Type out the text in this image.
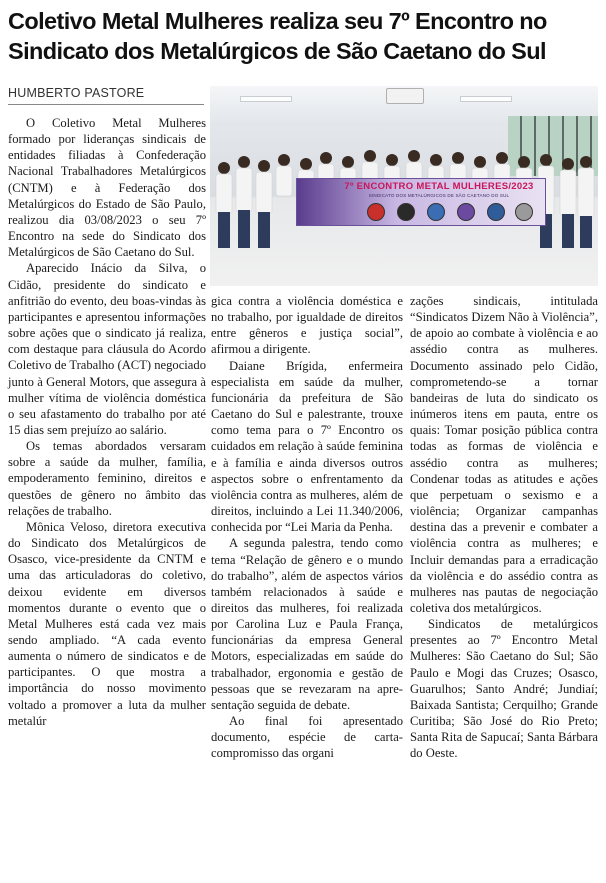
Coletivo Metal Mulheres realiza seu 7º Encontro no
Sindicato dos Metalúrgicos de São Caetano do Sul
HUMBERTO PASTORE
7º ENCONTRO METAL MULHERES/2023
SINDICATO DOS METALÚRGICOS DE SÃO CAETANO DO SUL

O Coletivo Metal Mulheres formado por lideranças sindicais de entidades filiadas à Confederação Nacional Trabalhadores Metalúrgicos (CNTM) e à Federação dos Metalúrgicos do Estado de São Paulo, realizou dia 03/08/2023 o seu 7º Encontro na sede do Sindicato dos Metalúrgicos de São Caetano do Sul.

Aparecido Inácio da Silva, o Cidão, presidente do sindicato e anfitrião do evento, deu boas-vindas às participantes e apresentou informações sobre ações que o sindicato já realiza, com destaque para cláusula do Acordo Coletivo de Trabalho (ACT) negociado junto à General Motors, que assegura à mulher vítima de violência doméstica o seu afastamento do trabalho por até 15 dias sem prejuízo ao salário.

Os temas abordados versaram sobre a saúde da mulher, família, empoderamento feminino, direitos e questões de gênero no âmbito das relações de trabalho.

Mônica Veloso, diretora executiva do Sindicato dos Metalúrgicos de Osasco, vice-presidente da CNTM e uma das articuladoras do coletivo, deixou evidente em diversos momentos durante o evento que o Metal Mulheres está cada vez mais sendo ampliado. “A cada evento aumenta o número de sindicatos e de participantes. O que mostra a importância do nosso movimento voltado a promover a luta da mulher metalúr

gica contra a violência doméstica e no trabalho, por igualdade de direitos entre gêneros e justiça social”, afirmou a dirigente.

Daiane Brígida, enfermeira especialista em saúde da mulher, funcionária da prefeitura de São Caetano do Sul e palestrante, trouxe como tema para o 7º Encontro os cuidados em relação à saúde feminina e à família e ainda diversos outros aspectos sobre o enfrentamento da violência contra as mulheres, além de direitos, incluindo a Lei 11.340/2006, conhecida por “Lei Maria da Penha.

A segunda palestra, tendo como tema “Relação de gênero e o mundo do trabalho”, além de aspectos vários também relacionados à saúde e direitos das mulheres, foi realizada por Carolina Luz e Paula França, funcionárias da empresa General Motors, especializadas em saúde do trabalhador, ergonomia e gestão de pessoas que se revezaram na apresentação seguida de debate.

Ao final foi apresentado documento, espécie de carta-compromisso das organi

zações sindicais, intitulada “Sindicatos Dizem Não à Violência”, de apoio ao combate à violência e ao assédio contra as mulheres. Documento assinado pelo Cidão, comprometendo-se a tornar bandeiras de luta do sindicato os inúmeros itens em pauta, entre os quais: Tomar posição pública contra todas as formas de violência e assédio contra as mulheres; Condenar todas as atitudes e ações que perpetuam o sexismo e a violência; Organizar campanhas destina das a prevenir e combater a violência contra as mulheres; e Incluir demandas para a erradicação da violência e do assédio contra as mulheres nas pautas de negociação coletiva dos metalúrgicos.

Sindicatos de metalúrgicos presentes ao 7º Encontro Metal Mulheres: São Caetano do Sul; São Paulo e Mogi das Cruzes; Osasco, Guarulhos; Santo André; Jundiaí; Baixada Santista; Cerquilho; Grande Curitiba; São José do Rio Preto; Santa Rita de Sapucaí; Santa Bárbara do Oeste.
